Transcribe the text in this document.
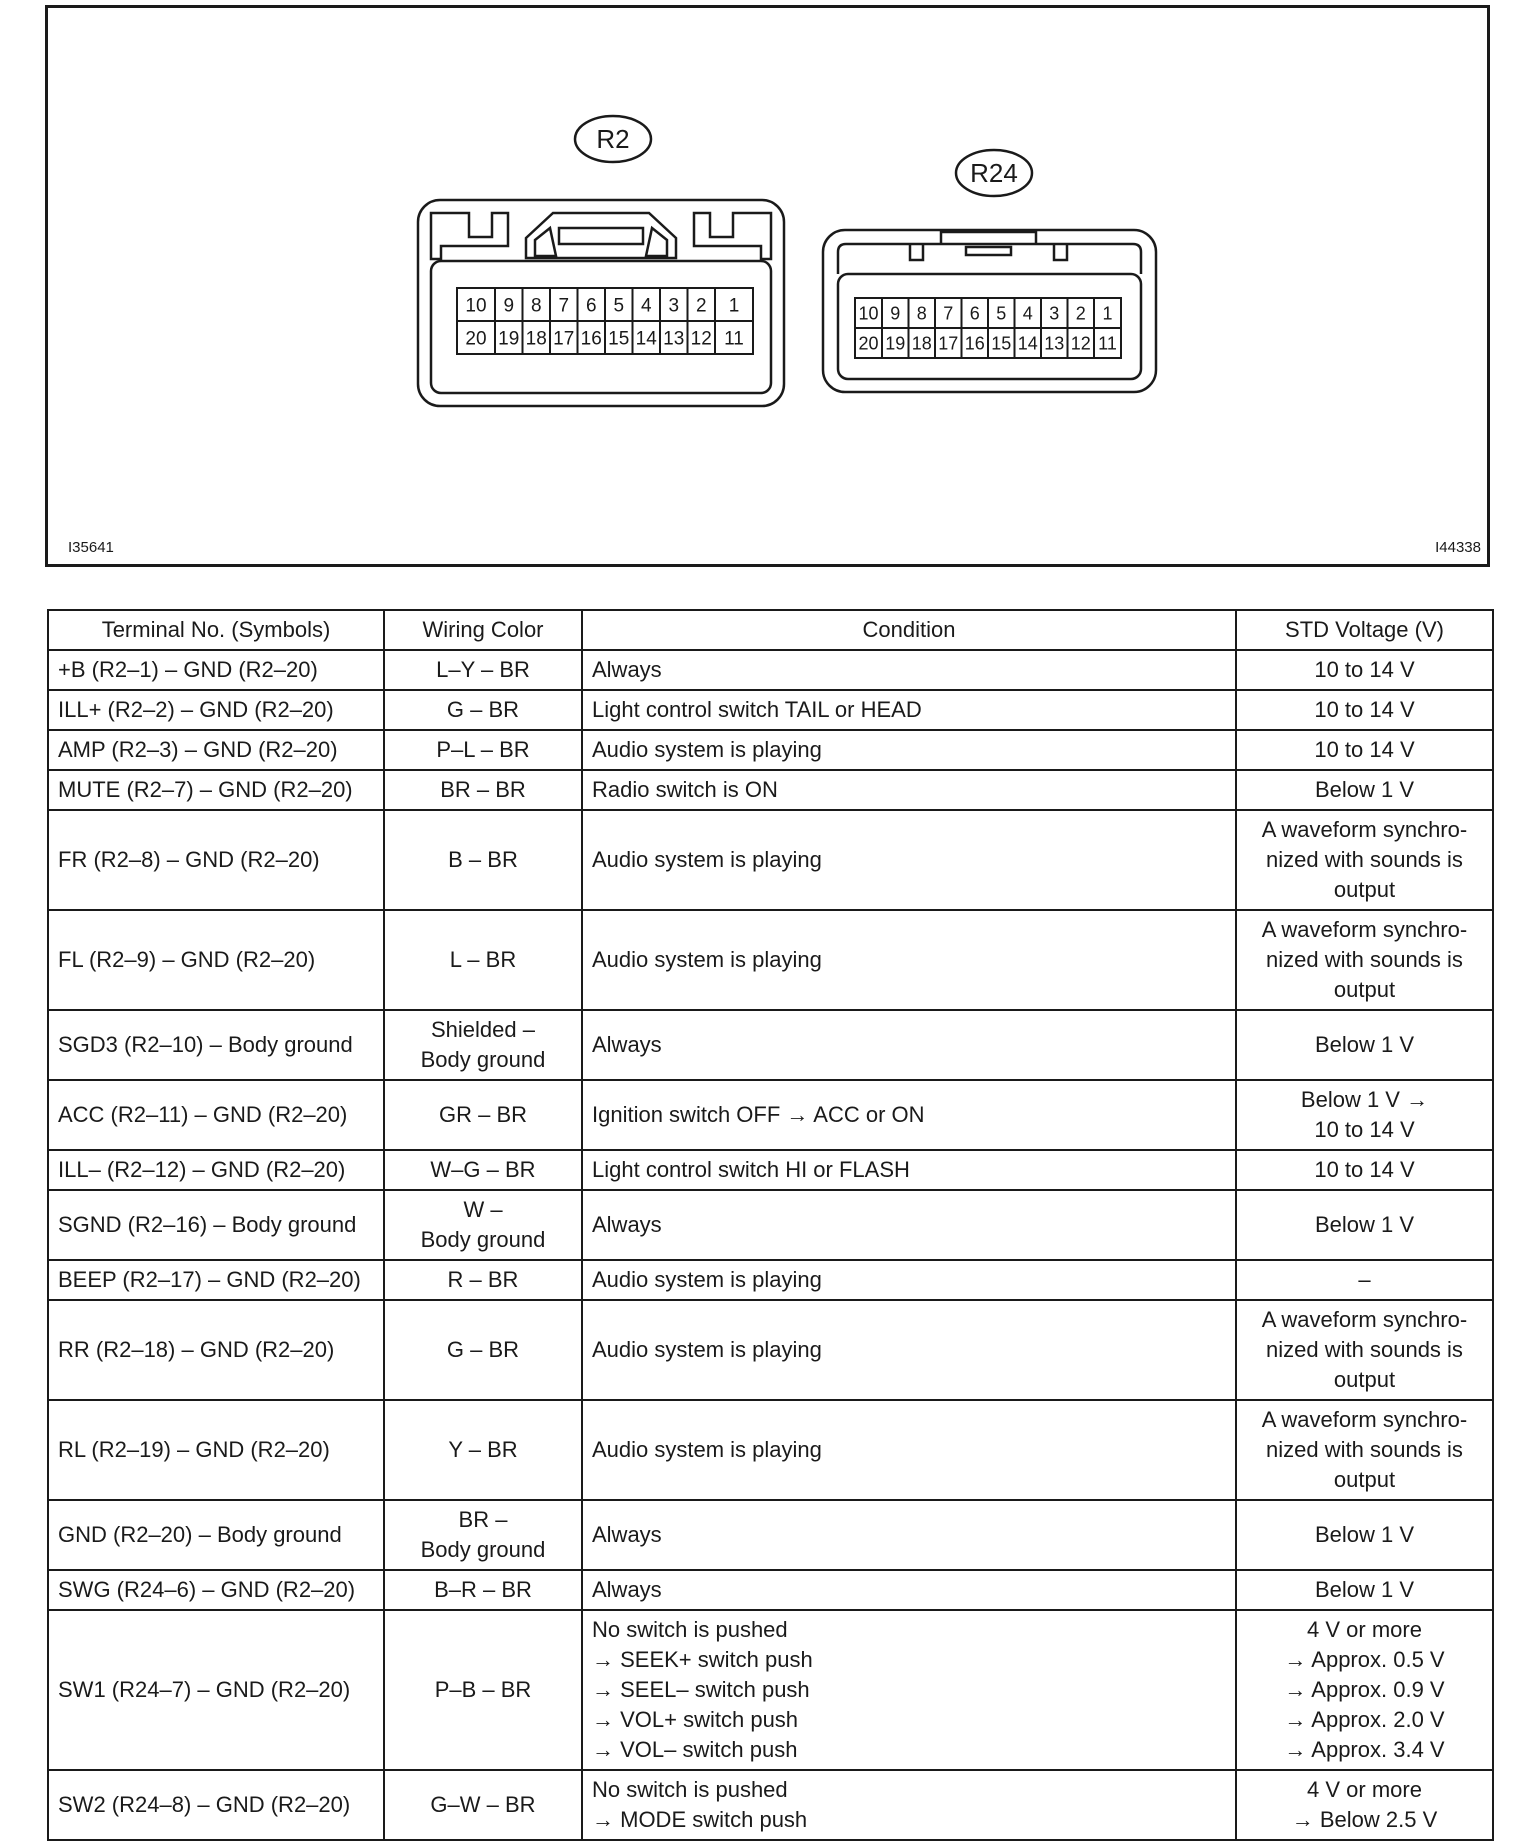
R2
10 9 8 7 6 5 4 3 2 1
20 19 18 17 16 15 14 13 12 11
R24
10 9 8 7 6 5 4 3 2 1
20 19 18 17 16 15 14 13 12 11
I35641	I44338
Terminal No. (Symbols)	Wiring Color	Condition	STD Voltage (V)
+B (R2–1) – GND (R2–20)	L–Y – BR	Always	10 to 14 V

ILL+ (R2–2) – GND (R2–20)	G – BR	Light control switch TAIL or HEAD	10 to 14 V

AMP (R2–3) – GND (R2–20)	P–L – BR	Audio system is playing	10 to 14 V

MUTE (R2–7) – GND (R2–20)	BR – BR	Radio switch is ON	Below 1 V

FR (R2–8) – GND (R2–20)	B – BR	Audio system is playing	A waveform synchro-
nized with sounds is
output

FL (R2–9) – GND (R2–20)	L – BR	Audio system is playing	A waveform synchro-
nized with sounds is
output

SGD3 (R2–10) – Body ground	Shielded –
Body ground	Always	Below 1 V

ACC (R2–11) – GND (R2–20)	GR – BR	Ignition switch OFF → ACC or ON	Below 1 V →
10 to 14 V

ILL– (R2–12) – GND (R2–20)	W–G – BR	Light control switch HI or FLASH	10 to 14 V

SGND (R2–16) – Body ground	W –
Body ground	Always	Below 1 V

BEEP (R2–17) – GND (R2–20)	R – BR	Audio system is playing	–

RR (R2–18) – GND (R2–20)	G – BR	Audio system is playing	A waveform synchro-
nized with sounds is
output

RL (R2–19) – GND (R2–20)	Y – BR	Audio system is playing	A waveform synchro-
nized with sounds is
output

GND (R2–20) – Body ground	BR –
Body ground	Always	Below 1 V

SWG (R24–6) – GND (R2–20)	B–R – BR	Always	Below 1 V

SW1 (R24–7) – GND (R2–20)	P–B – BR	No switch is pushed
→ SEEK+ switch push
→ SEEL– switch push
→ VOL+ switch push
→ VOL– switch push	4 V or more
→ Approx. 0.5 V
→ Approx. 0.9 V
→ Approx. 2.0 V
→ Approx. 3.4 V

SW2 (R24–8) – GND (R2–20)	G–W – BR	No switch is pushed
→ MODE switch push	4 V or more
→ Below 2.5 V
